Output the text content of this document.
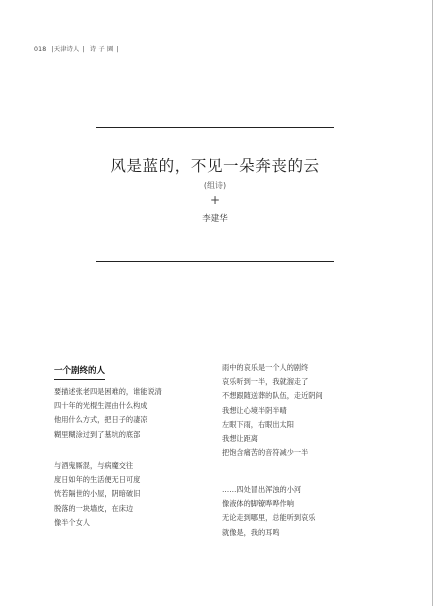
018 |天津诗人 | 诗 子 園 |
风是蓝的，不见一朵奔丧的云
(组诗)
+
李建华
一个剧终的人
要描述张老四是困难的，谁能说清
四十年的光棍生涯由什么构成
他用什么方式，把日子的凄凉
糊里糊涂过到了墓坑的底部
与酒鬼厮混，与病魔交往
度日如年的生活便无日可度
恍若隔世的小屋，阴暗破旧
脱落的一块墙皮，在床边
像半个女人
雨中的哀乐是一个人的剧终
哀乐听到一半，我就溜走了
不想跟随送葬的队伍，走近阴间
我想让心境半阴半晴
左眼下雨，右眼出太阳
我想让距离
把饱含痛苦的音符减少一半
……四处冒出浑浊的小河
像液体的脚镣哗哗作响
无论走到哪里，总能听到哀乐
就像是，我的耳鸣
